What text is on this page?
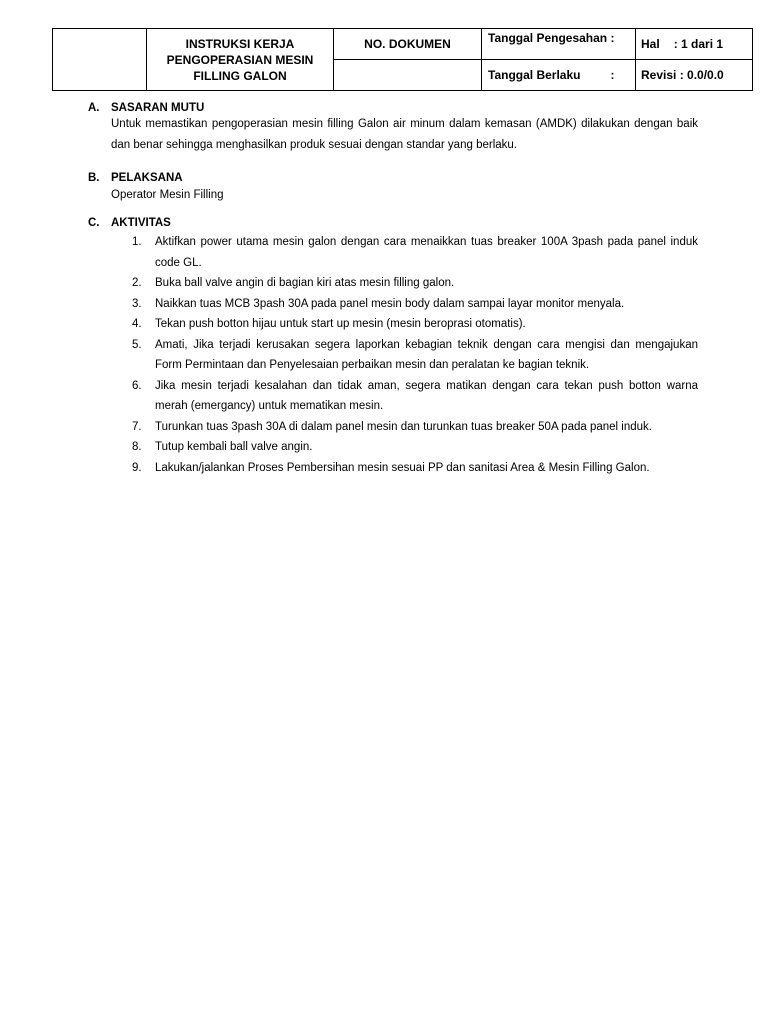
	INSTRUKSI KERJA
PENGOPERASIAN MESIN
FILLING GALON	NO. DOKUMEN	Tanggal Pengesahan :	Hal : 1 dari 1
			Tanggal Berlaku :	Revisi : 0.0/0.0
A. SASARAN MUTU
Untuk memastikan pengoperasian mesin filling Galon air minum dalam kemasan (AMDK) dilakukan dengan baik dan benar sehingga menghasilkan produk sesuai dengan standar yang berlaku.
B. PELAKSANA
Operator Mesin Filling
C. AKTIVITAS
1.	Aktifkan power utama mesin galon dengan cara menaikkan tuas breaker 100A 3pash pada panel induk code GL.
2.	Buka ball valve angin di bagian kiri atas mesin filling galon.
3.	Naikkan tuas MCB 3pash 30A pada panel mesin body dalam sampai layar monitor menyala.
4.	Tekan push botton hijau untuk start up mesin (mesin beroprasi otomatis).
5.	Amati, Jika terjadi kerusakan segera laporkan kebagian teknik dengan cara mengisi dan mengajukan Form Permintaan dan Penyelesaian perbaikan mesin dan peralatan ke bagian teknik.
6.	Jika mesin terjadi kesalahan dan tidak aman, segera matikan dengan cara tekan push botton warna merah (emergancy) untuk mematikan mesin.
7.	Turunkan tuas 3pash 30A di dalam panel mesin dan turunkan tuas breaker 50A pada panel induk.
8.	Tutup kembali ball valve angin.
9.	Lakukan/jalankan Proses Pembersihan mesin sesuai PP dan sanitasi Area & Mesin Filling Galon.
